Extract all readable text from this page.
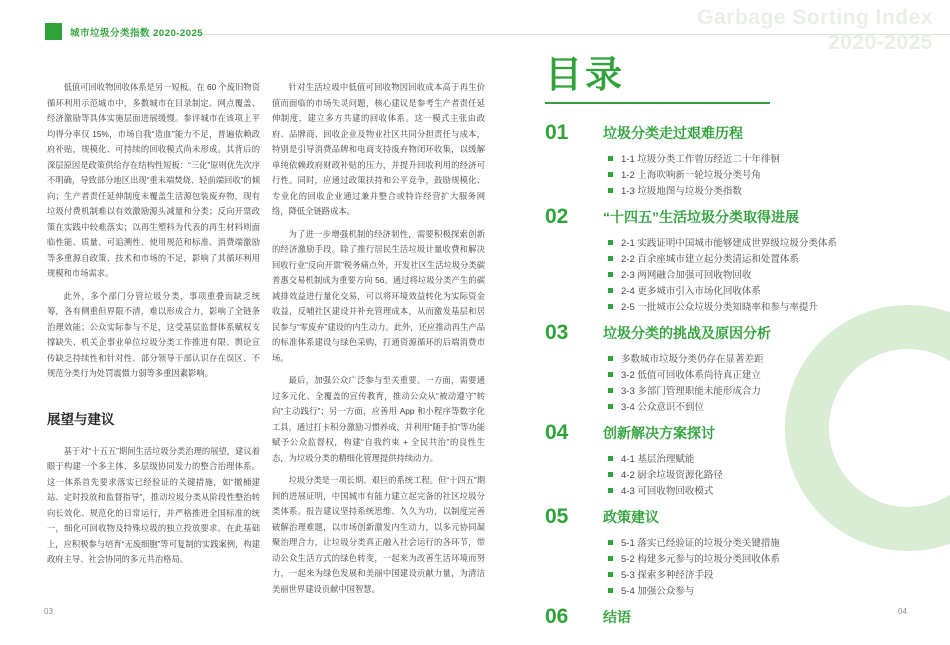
城市垃圾分类指数 2020-2025
Garbage Sorting Index
2020-2025

低值可回收物回收体系是另一短板。在 60 个废旧物资循环利用示范城市中，多数城市在目录制定、网点覆盖、经济激励等具体实施层面进展缓慢。参评城市在该项上平均得分率仅 15%，市场自我“造血”能力不足，普遍依赖政府补贴，规模化、可持续的回收模式尚未形成。其背后的深层原因是政策供给存在结构性短板：“三化”原则优先次序不明确，导致部分地区出现“重末端焚烧、轻前端回收”的倾向；生产者责任延伸制度未覆盖生活源包装废弃物，现有垃圾付费机制难以有效激励源头减量和分类；反向开票政策在实践中较难落实；以再生塑料为代表的再生材料则面临性能、质量、可追溯性、使用规范和标准、消费端激励等多重源自政策、技术和市场的不足，影响了其循环利用规模和市场需求。

此外，多个部门分管垃圾分类，事项重叠而缺乏统筹，各有侧重但界限不清，难以形成合力，影响了全链条治理效能；公众实际参与不足，这受基层监督体系赋权支撑缺失、机关企事业单位垃圾分类工作推进有限、舆论宣传缺乏持续性和针对性、部分领导干部认识存在误区、不规范分类行为处罚震慑力弱等多重因素影响。

展望与建议

基于对“十五五”期间生活垃圾分类治理的展望，建议着眼于构建一个多主体、多层级协同发力的整合治理体系。这一体系首先要求落实已经验证的关键措施，如“撤桶建站、定时投放和监督指导”，推动垃圾分类从阶段性整治转向长效化、规范化的日常运行，并严格推进全国标准的统一，细化可回收物及特殊垃圾的独立投放要求。在此基础上，应积极参与培育“无废细胞”等可复制的实践案例，构建政府主导、社会协同的多元共治格局。

针对生活垃圾中低值可回收物因回收成本高于再生价值而面临的市场失灵问题，核心建议是参考生产者责任延伸制度，建立多方共建的回收体系。这一模式主张由政府、品牌商、回收企业及物业社区共同分担责任与成本，特别是引导消费品牌和电商支持废弃物闭环收集，以缓解单纯依赖政府财政补贴的压力，并提升回收利用的经济可行性。同时，应通过政策扶持和公平竞争，鼓励规模化、专业化的回收企业通过兼并整合或特许经营扩大服务网络，降低全链路成本。

为了进一步增强机制的经济韧性，需要积极探索创新的经济激励手段。除了推行居民生活垃圾计量收费和解决回收行业“反向开票”税务痛点外，开发社区生活垃圾分类碳普惠交易机制成为重要方向 56。通过将垃圾分类产生的碳减排效益进行量化交易，可以将环境效益转化为实际资金收益，反哺社区建设并补充管理成本，从而激发基层和居民参与“零废弃”建设的内生动力。此外，还应推动再生产品的标准体系建设与绿色采购，打通资源循环的后端消费市场。

最后，加强公众广泛参与至关重要。一方面，需要通过多元化、全覆盖的宣传教育，推动公众从“被动遵守”转向“主动践行”；另一方面，应善用 App 和小程序等数字化工具，通过打卡积分激励习惯养成，并利用“随手拍”等功能赋予公众监督权，构建“自我约束 + 全民共治”的良性生态，为垃圾分类的精细化管理提供持续动力。

垃圾分类是一项长期、艰巨的系统工程。但“十四五”期间的进展证明，中国城市有能力建立起完备的社区垃圾分类体系。报告建议坚持系统思维、久久为功，以制度完善破解治理难题，以市场创新激发内生动力，以多元协同凝聚治理合力，让垃圾分类真正融入社会运行的各环节，带动公众生活方式的绿色转变，一起来为改善生活环境而努力，一起来为绿色发展和美丽中国建设贡献力量，为清洁美丽世界建设贡献中国智慧。

目录
01	垃圾分类走过艰难历程
1-1 垃圾分类工作曾历经近二十年徘徊
1-2 上海吹响新一轮垃圾分类号角
1-3 垃圾地图与垃圾分类指数
02	“十四五”生活垃圾分类取得进展
2-1 实践证明中国城市能够建成世界级垃圾分类体系
2-2 百余座城市建立起分类清运和处置体系
2-3 两网融合加强可回收物回收
2-4 更多城市引入市场化回收体系
2-5 一批城市公众垃圾分类知晓率和参与率提升
03	垃圾分类的挑战及原因分析
多数城市垃圾分类仍存在显著差距
3-2 低值可回收体系尚待真正建立
3-3 多部门管理职能未能形成合力
3-4 公众意识不到位
04	创新解决方案探讨
4-1 基层治理赋能
4-2 厨余垃圾资源化路径
4-3 可回收物回收模式
05	政策建议
5-1 落实已经验证的垃圾分类关键措施
5-2 构建多元参与的垃圾分类回收体系
5-3 探索多种经济手段
5-4 加强公众参与
06	结语
03	04
